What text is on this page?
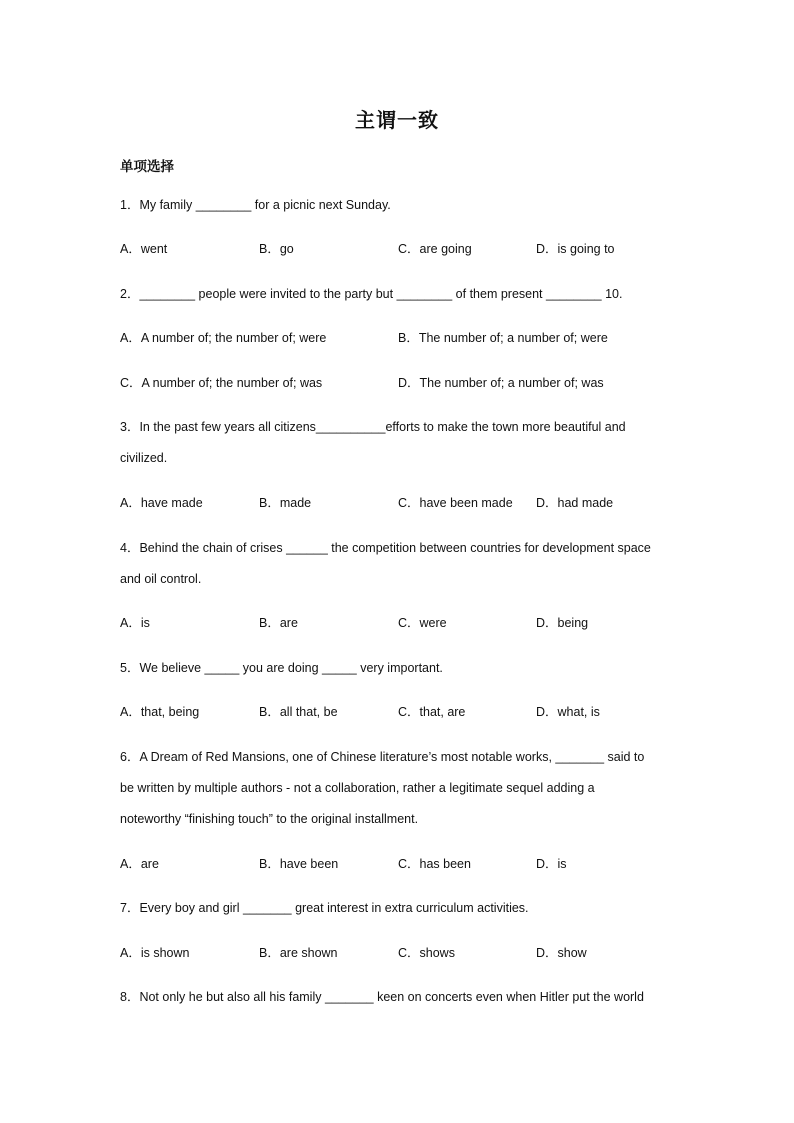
主谓一致
单项选择
1．My family ________ for a picnic next Sunday.
A．went	B．go	C．are going	D．is going to
2．________ people were invited to the party but ________ of them present ________ 10.
A．A number of; the number of; were	B．The number of; a number of; were
C．A number of; the number of; was	D．The number of; a number of; was
3．In the past few years all citizens__________efforts to make the town more beautiful and
civilized.
A．have made	B．made	C．have been made D．had made
4．Behind the chain of crises ______ the competition between countries for development space
and oil control.
A．is	B．are	C．were	D．being
5．We believe _____ you are doing _____ very important.
A．that, being	B．all that, be	C．that, are	D．what, is
6．A Dream of Red Mansions, one of Chinese literature’s most notable works, _______ said to
be written by multiple authors - not a collaboration, rather a legitimate sequel adding a
noteworthy “finishing touch” to the original installment.
A．are	B．have been	C．has been	D．is
7．Every boy and girl _______ great interest in extra curriculum activities.
A．is shown	B．are shown	C．shows	D．show
8．Not only he but also all his family _______ keen on concerts even when Hitler put the world
